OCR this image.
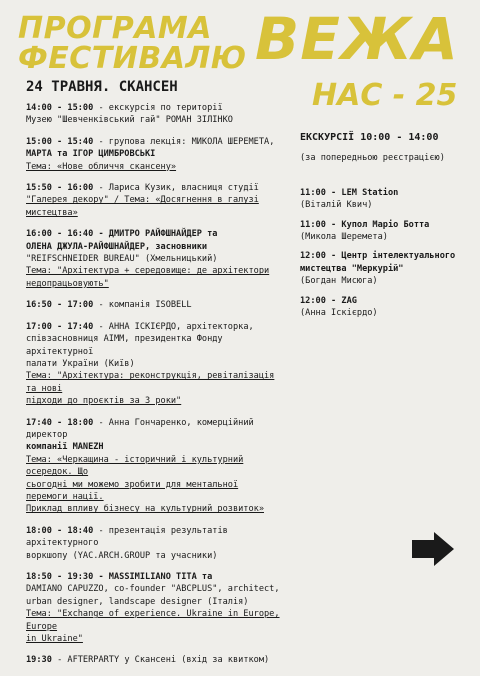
ПРОГРАМА
ФЕСТИВАЛЮ ВЕЖА
НАС - 25
24 ТРАВНЯ. СКАНСЕН
14:00 - 15:00 - екскурсія по території
Музею "Шевченківський гай" РОМАН ЗІЛІНКО
15:00 - 15:40 - групова лекція: МИКОЛА ШЕРЕМЕТА,
МАРТА та ІГОР ЦИМБРОВСЬКІ
Тема: «Нове обличчя скансену»
15:50 - 16:00 - Лариса Кузик, власниця студії
"Галерея декору" / Тема: «Досягнення в галузі мистецтва»
16:00 - 16:40 - ДМИТРО РАЙФШНАЙДЕР та
ОЛЕНА ДЖУЛА-РАЙФШНАЙДЕР, засновники
"REIFSCHNEIDER BUREAU" (Хмельницький)
Тема: "Архітектура + середовище: де архітектори
недопрацьовують"
16:50 - 17:00 - компанія ISOBELL
17:00 - 17:40 - АННА ІСКІЄРДО, архітекторка,
співзасновниця AIMM, президентка Фонду архітектурної
палати України (Київ)
Тема: "Архітектура: реконструкція, ревіталізація та нові
підходи до проєктів за 3 роки"
17:40 - 18:00 - Анна Гончаренко, комерційний директор
компанії MANEZH
Тема: «Черкащина - історичний і культурний осередок. Що
сьогодні ми можемо зробити для ментальної перемоги нації.
Приклад впливу бізнесу на культурний розвиток»
18:00 - 18:40 - презентація результатів архітектурного
воркшопу (YAC.ARCH.GROUP та учасники)
18:50 - 19:30 - MASSIMILIANO TITA та
DAMIANO CAPUZZO, co-founder "ABCPLUS", architect,
urban designer, landscape designer (Італія)
Тема: "Exchange of experience. Ukraine in Europe, Europe
in Ukraine"
19:30 - AFTERPARTY у Скансені (вхід за квитком)
ЕКСКУРСІЇ 10:00 - 14:00
(за попередньою реєстрацією)
11:00 - LEM Station
(Віталій Квич)
11:00 - Купол Маріо Ботта
(Микола Шеремета)
12:00 - Центр інтелектуального мистецтва "Меркурій"
(Богдан Мисюга)
12:00 - ZAG
(Анна Іскієрдо)
